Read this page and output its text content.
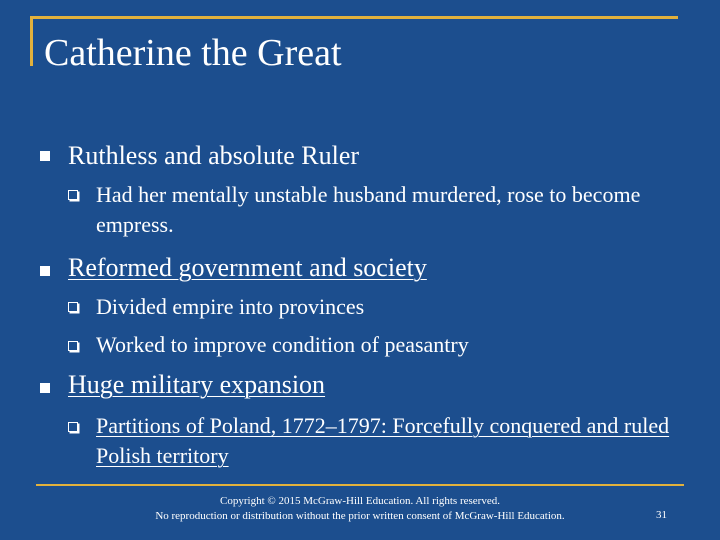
Catherine the Great
Ruthless and absolute Ruler
Had her mentally unstable husband murdered, rose to become empress.
Reformed government and society
Divided empire into provinces
Worked to improve condition of peasantry
Huge military expansion
Partitions of Poland, 1772–1797: Forcefully conquered and ruled Polish territory
Copyright © 2015 McGraw-Hill Education. All rights reserved.
No reproduction or distribution without the prior written consent of McGraw-Hill Education.	31
